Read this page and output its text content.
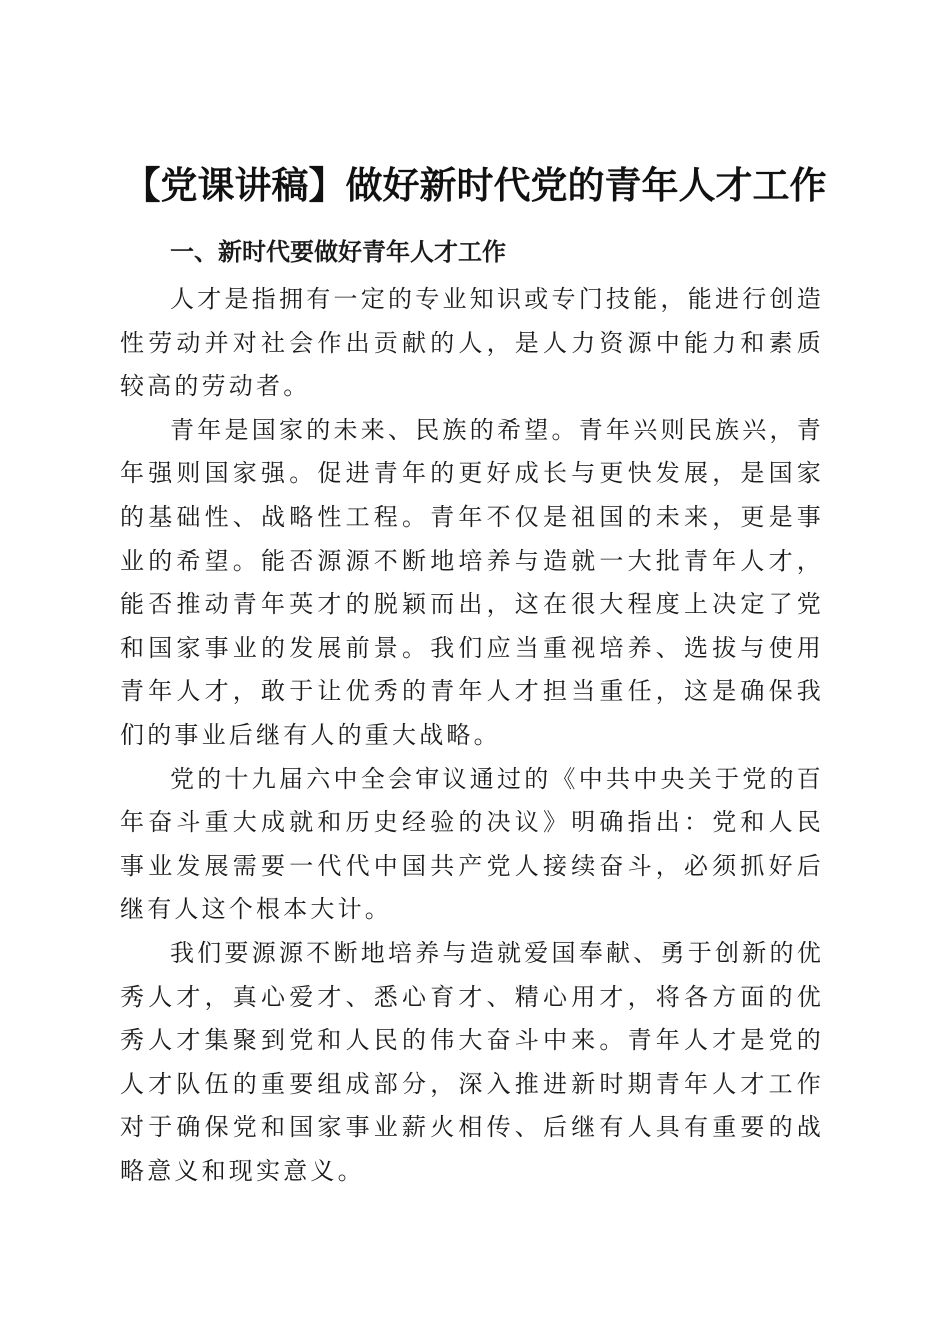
【党课讲稿】做好新时代党的青年人才工作
一、新时代要做好青年人才工作

人才是指拥有一定的专业知识或专门技能，能进行创造性劳动并对社会作出贡献的人，是人力资源中能力和素质较高的劳动者。

青年是国家的未来、民族的希望。青年兴则民族兴，青年强则国家强。促进青年的更好成长与更快发展，是国家的基础性、战略性工程。青年不仅是祖国的未来，更是事业的希望。能否源源不断地培养与造就一大批青年人才，能否推动青年英才的脱颖而出，这在很大程度上决定了党和国家事业的发展前景。我们应当重视培养、选拔与使用青年人才，敢于让优秀的青年人才担当重任，这是确保我们的事业后继有人的重大战略。

党的十九届六中全会审议通过的《中共中央关于党的百年奋斗重大成就和历史经验的决议》明确指出：党和人民事业发展需要一代代中国共产党人接续奋斗，必须抓好后继有人这个根本大计。

我们要源源不断地培养与造就爱国奉献、勇于创新的优秀人才，真心爱才、悉心育才、精心用才，将各方面的优秀人才集聚到党和人民的伟大奋斗中来。青年人才是党的人才队伍的重要组成部分，深入推进新时期青年人才工作对于确保党和国家事业薪火相传、后继有人具有重要的战略意义和现实意义。
